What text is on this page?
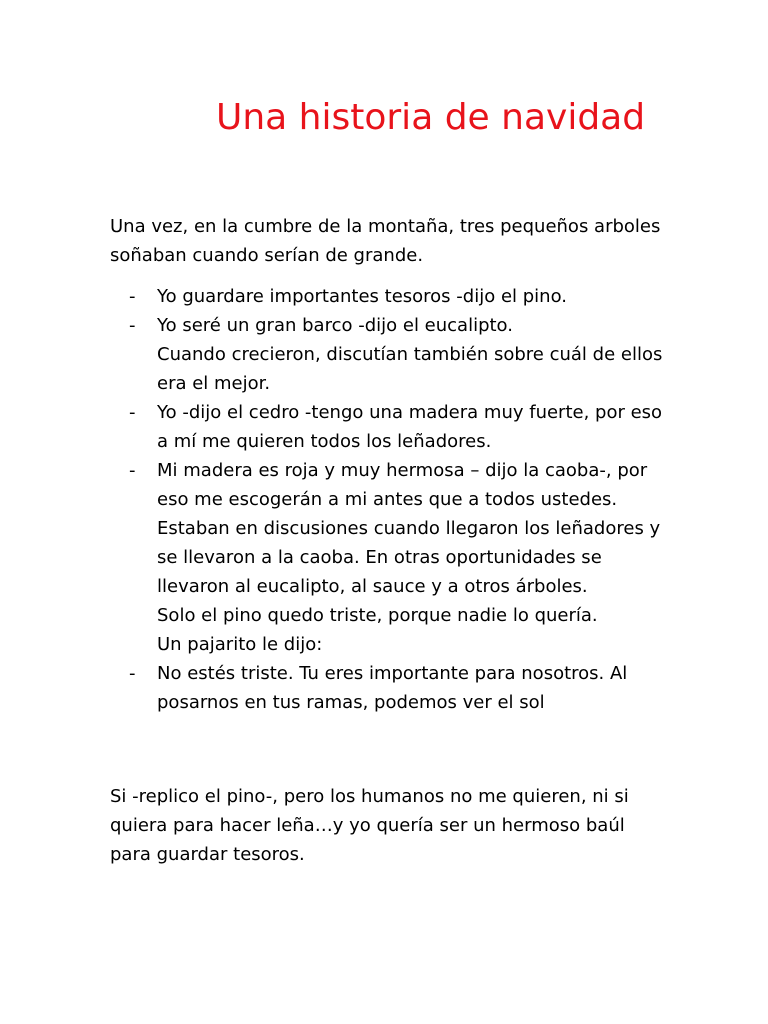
Una historia de navidad

Una vez, en la cumbre de la montaña, tres pequeños arboles soñaban cuando serían de grande.

- Yo guardare importantes tesoros -dijo el pino.
- Yo seré un gran barco -dijo el eucalipto.
Cuando crecieron, discutían también sobre cuál de ellos era el mejor.
- Yo -dijo el cedro -tengo una madera muy fuerte, por eso a mí me quieren todos los leñadores.
- Mi madera es roja y muy hermosa – dijo la caoba-, por eso me escogerán a mi antes que a todos ustedes.
Estaban en discusiones cuando llegaron los leñadores y se llevaron a la caoba. En otras oportunidades se llevaron al eucalipto, al sauce y a otros árboles.
Solo el pino quedo triste, porque nadie lo quería.
Un pajarito le dijo:
- No estés triste. Tu eres importante para nosotros. Al posarnos en tus ramas, podemos ver el sol

Si -replico el pino-, pero los humanos no me quieren, ni si quiera para hacer leña…y yo quería ser un hermoso baúl para guardar tesoros.
